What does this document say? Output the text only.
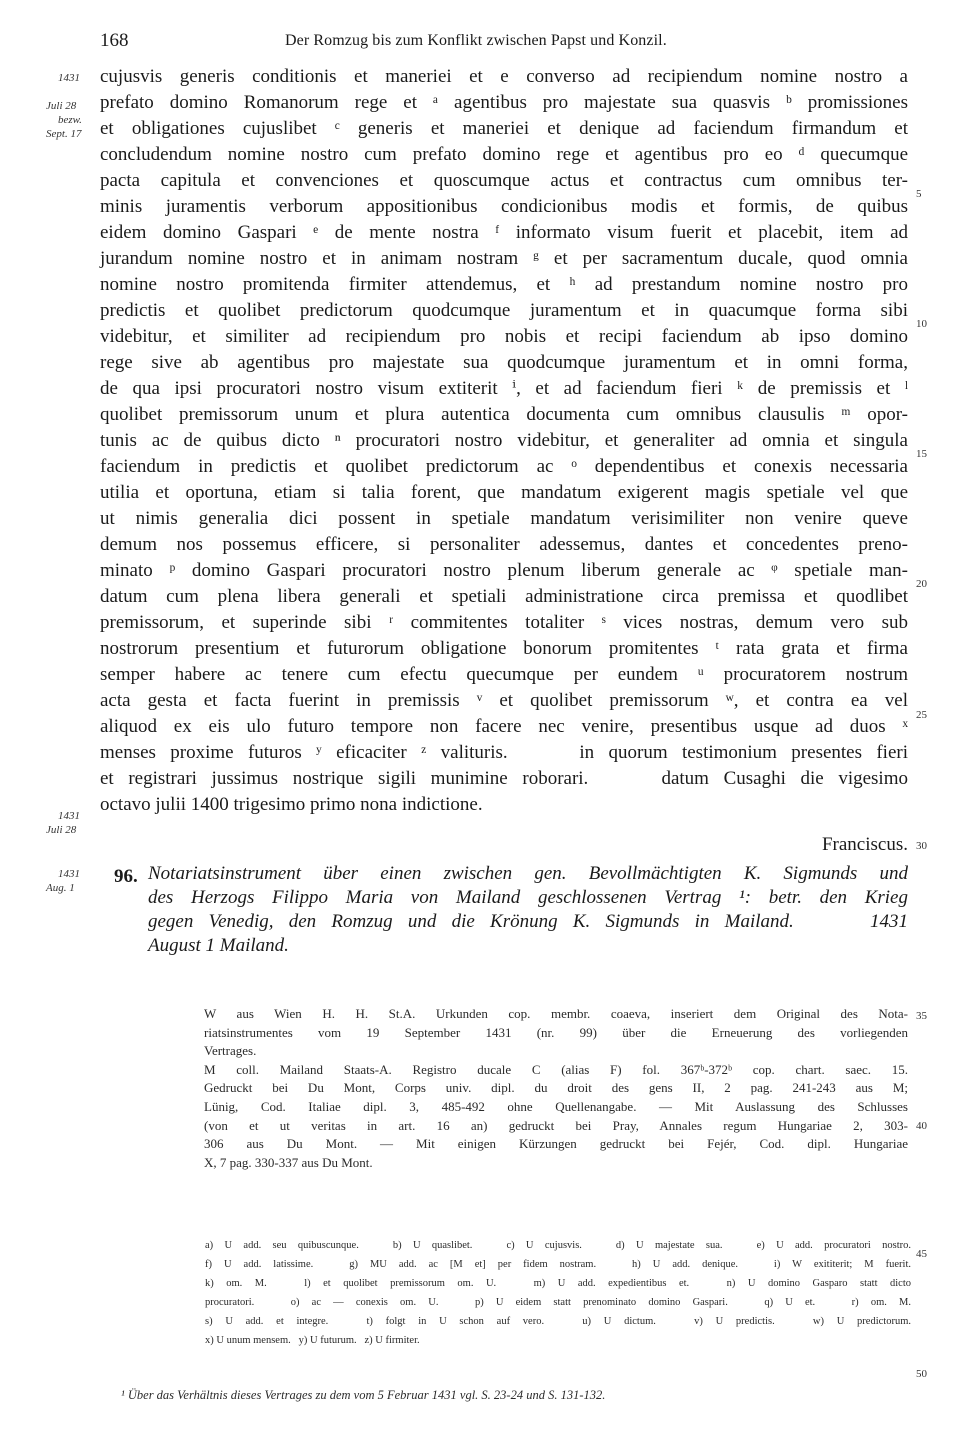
168	Der Romzug bis zum Konflikt zwischen Papst und Konzil.
1431
Juli 28
bezw.
Sept. 17
1431
Juli 28
1431
Aug. 1
5
10
15
20
25
30
35
40
45
50
cujusvis generis conditionis et maneriei et e converso ad recipiendum nomine nostro a
prefato domino Romanorum rege et ᵃ agentibus pro majestate sua quasvis ᵇ promissiones
et obligationes cujuslibet ᶜ generis et maneriei et denique ad faciendum firmandum et
concludendum nomine nostro cum prefato domino rege et agentibus pro eo ᵈ quecumque
pacta capitula et convenciones et quoscumque actus et contractus cum omnibus ter-
minis juramentis verborum appositionibus condicionibus modis et formis, de quibus
eidem domino Gaspari ᵉ de mente nostra ᶠ informato visum fuerit et placebit, item ad
jurandum nomine nostro et in animam nostram ᵍ et per sacramentum ducale, quod omnia
nomine nostro promitenda firmiter attendemus, et ʰ ad prestandum nomine nostro pro
predictis et quolibet predictorum quodcumque juramentum et in quacumque forma sibi
videbitur, et similiter ad recipiendum pro nobis et recipi faciendum ab ipso domino
rege sive ab agentibus pro majestate sua quodcumque juramentum et in omni forma,
de qua ipsi procuratori nostro visum extiterit ⁱ, et ad faciendum fieri ᵏ de premissis et ˡ
quolibet premissorum unum et plura autentica documenta cum omnibus clausulis ᵐ opor-
tunis ac de quibus dicto ⁿ procuratori nostro videbitur, et generaliter ad omnia et singula
faciendum in predictis et quolibet predictorum ac ᵒ dependentibus et conexis necessaria
utilia et oportuna, etiam si talia forent, que mandatum exigerent magis spetiale vel que
ut nimis generalia dici possent in spetiale mandatum verisimiliter non venire queve
demum nos possemus efficere, si personaliter adessemus, dantes et concedentes preno-
minato ᵖ domino Gaspari procuratori nostro plenum liberum generale ac ᵠ spetiale man-
datum cum plena libera generali et spetiali administratione circa premissa et quodlibet
premissorum, et superinde sibi ʳ commitentes totaliter ˢ vices nostras, demum vero sub
nostrorum presentium et futurorum obligatione bonorum promitentes ᵗ rata grata et firma
semper habere ac tenere cum efectu quecumque per eundem ᵘ procuratorem nostrum
acta gesta et facta fuerint in premissis ᵛ et quolibet premissorum ʷ, et contra ea vel
aliquod ex eis ulo futuro tempore non facere nec venire, presentibus usque ad duos ˣ
menses proxime futuros ʸ eficaciter ᶻ valituris.     in quorum testimonium presentes fieri
et registrari jussimus nostrique sigili munimine roborari.     datum Cusaghi die vigesimo
octavo julii 1400 trigesimo primo nona indictione.
Franciscus.
96. Notariatsinstrument über einen zwischen gen. Bevollmächtigten K. Sigmunds und
des Herzogs Filippo Maria von Mailand geschlossenen Vertrag ¹: betr. den Krieg
gegen Venedig, den Romzug und die Krönung K. Sigmunds in Mailand.     1431
August 1 Mailand.
W aus Wien H. H. St.A. Urkunden cop. membr. coaeva, inseriert dem Original des Nota-
riatsinstrumentes vom 19 September 1431 (nr. 99) über die Erneuerung des vorliegenden
Vertrages.
M coll. Mailand Staats-A. Registro ducale C (alias F) fol. 367ᵇ-372ᵇ cop. chart. saec. 15.
Gedruckt bei Du Mont, Corps univ. dipl. du droit des gens II, 2 pag. 241-243 aus M;
Lünig, Cod. Italiae dipl. 3, 485-492 ohne Quellenangabe. — Mit Auslassung des Schlusses
(von et ut veritas in art. 16 an) gedruckt bei Pray, Annales regum Hungariae 2, 303-
306 aus Du Mont. — Mit einigen Kürzungen gedruckt bei Fejér, Cod. dipl. Hungariae
X, 7 pag. 330-337 aus Du Mont.
a) U add. seu quibuscunque.   b) U quaslibet.   c) U cujusvis.   d) U majestate sua.   e) U add. procuratori nostro.
f) U add. latissime.   g) MU add. ac [M et] per fidem nostram.   h) U add. denique.   i) W exititerit; M fuerit.
k) om. M.   l) et quolibet premissorum om. U.   m) U add. expedientibus et.   n) U domino Gasparo statt dicto
procuratori.   o) ac — conexis om. U.   p) U eidem statt prenominato domino Gaspari.   q) U et.   r) om. M.
s) U add. et integre.   t) folgt in U schon auf vero.   u) U dictum.   v) U predictis.   w) U predictorum.
x) U unum mensem.   y) U futurum.   z) U firmiter.
¹ Über das Verhältnis dieses Vertrages zu dem vom 5 Februar 1431 vgl. S. 23-24 und S. 131-132.
